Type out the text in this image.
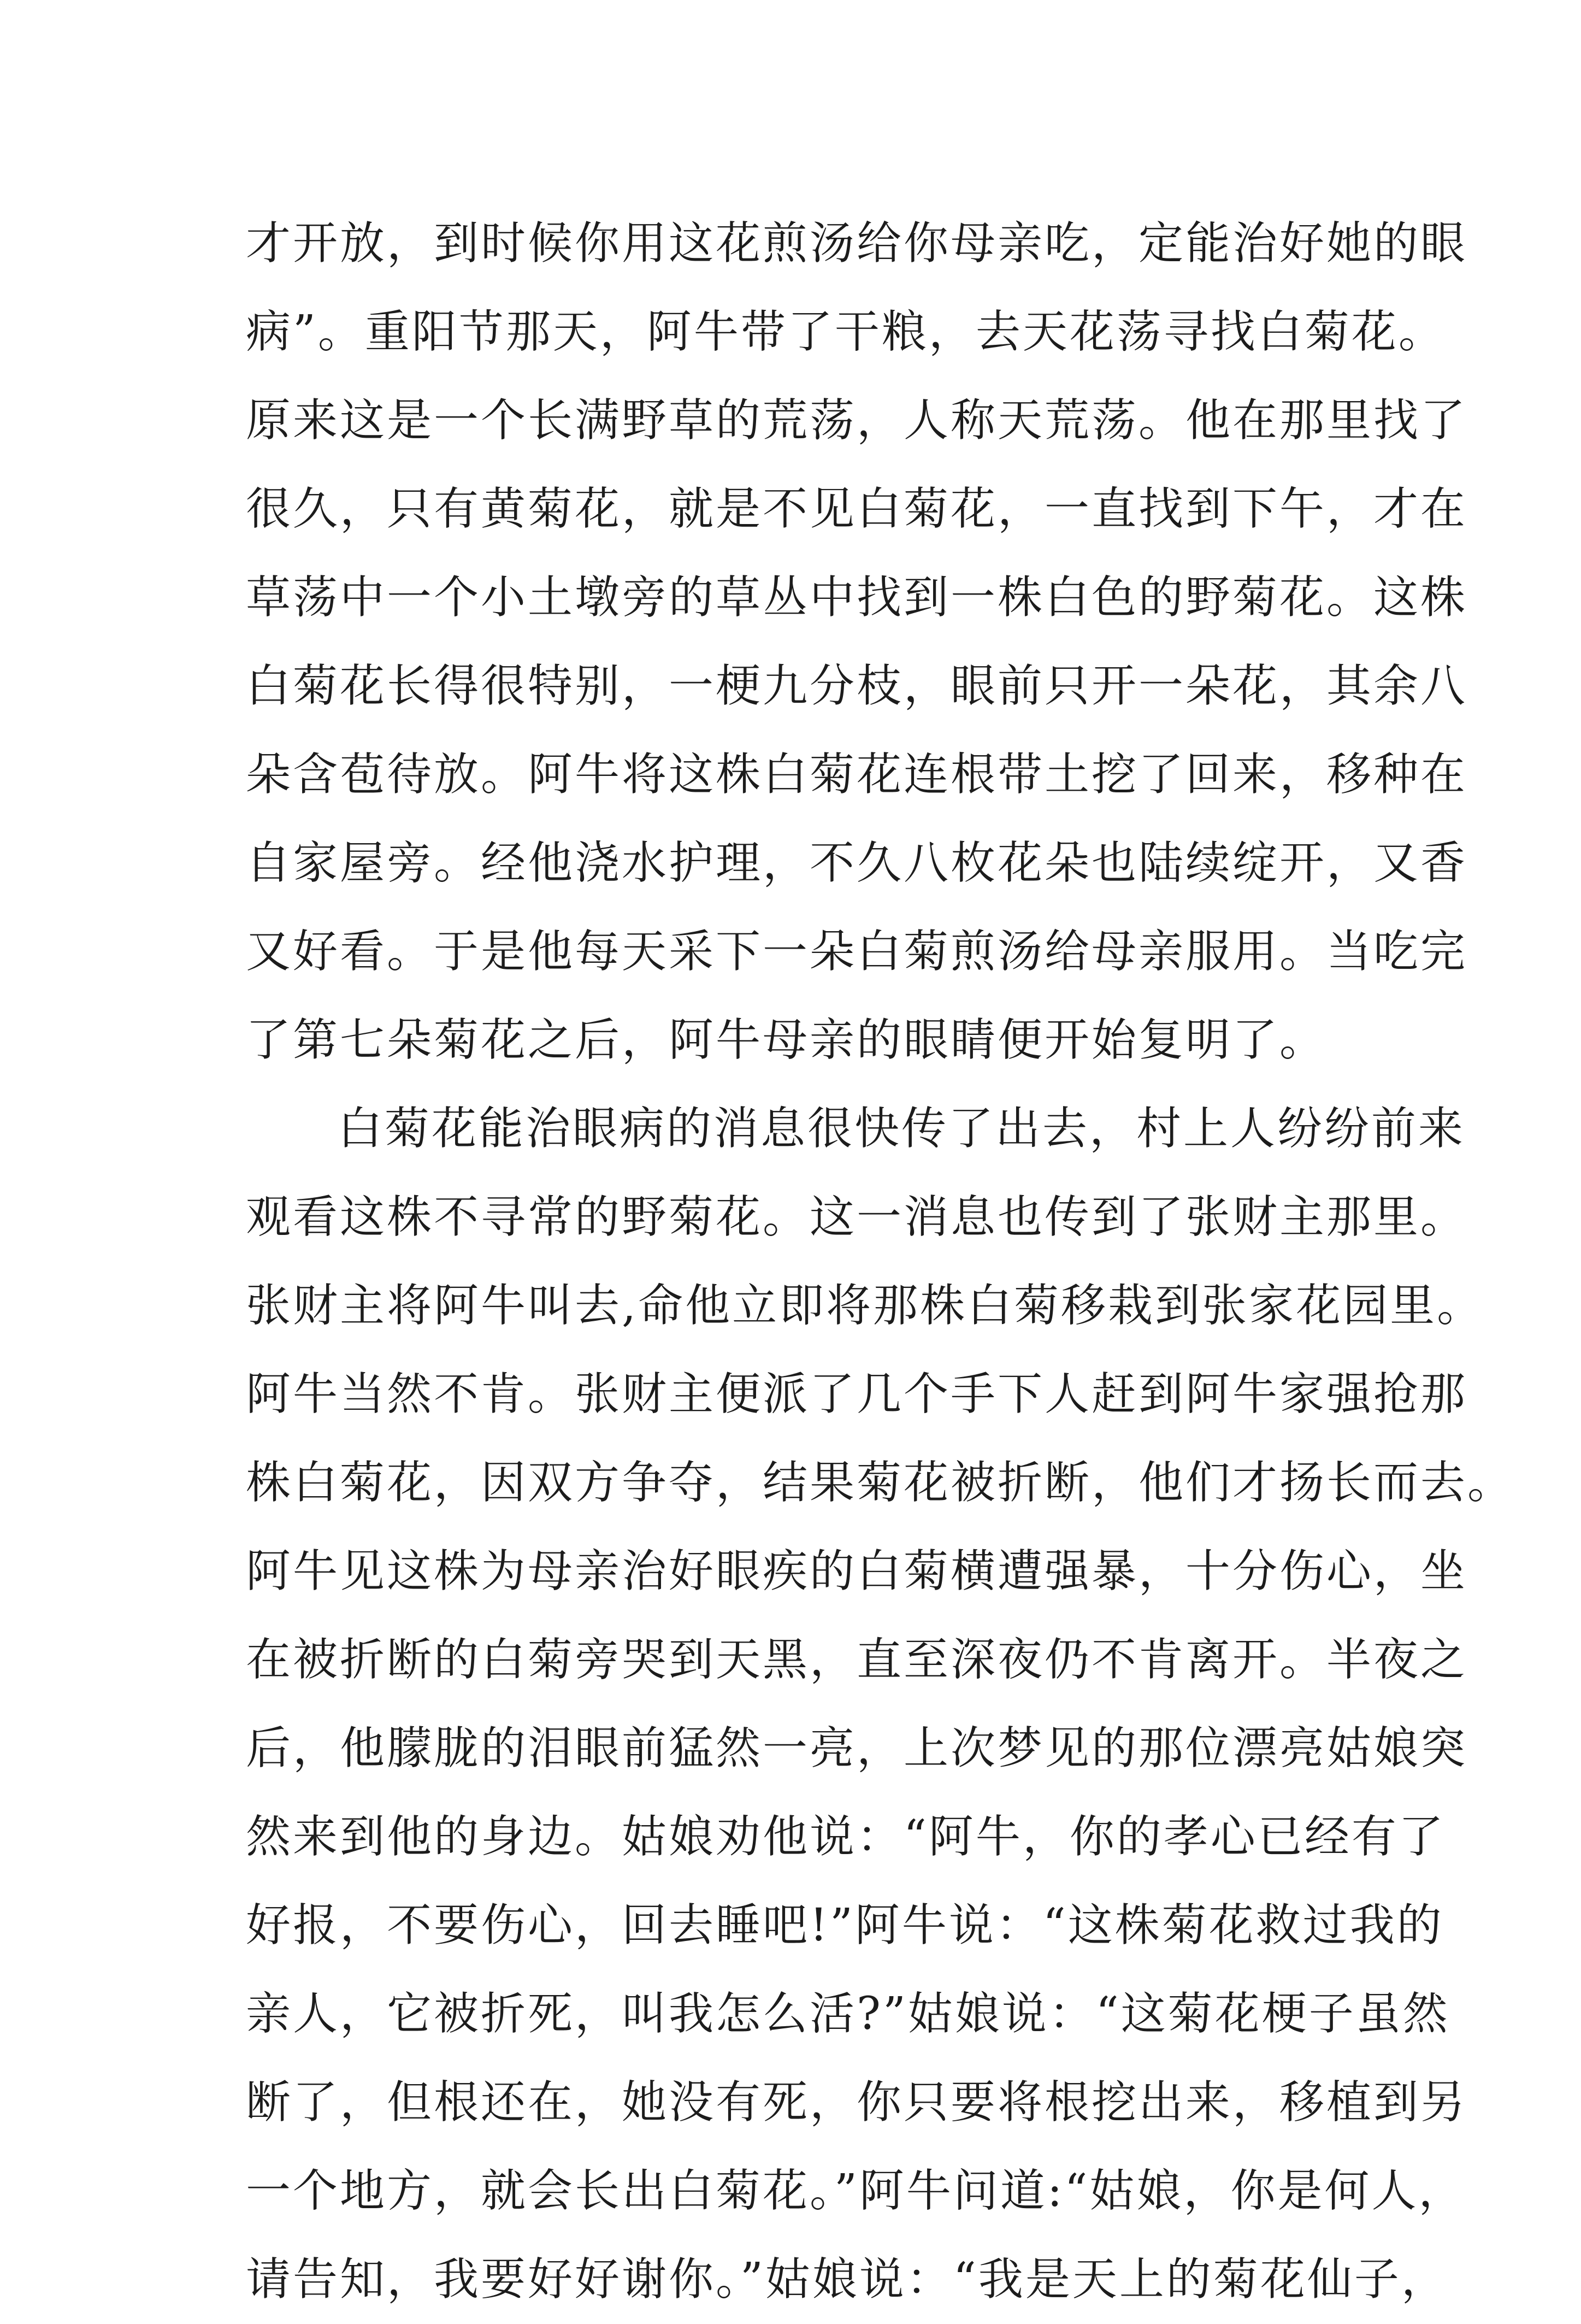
才开放，到时候你用这花煎汤给你母亲吃，定能治好她的眼
病”。重阳节那天，阿牛带了干粮，去天花荡寻找白菊花。
原来这是一个长满野草的荒荡，人称天荒荡。他在那里找了
很久，只有黄菊花，就是不见白菊花，一直找到下午，才在
草荡中一个小土墩旁的草丛中找到一株白色的野菊花。这株
白菊花长得很特别，一梗九分枝，眼前只开一朵花，其余八
朵含苞待放。阿牛将这株白菊花连根带土挖了回来，移种在
自家屋旁。经他浇水护理，不久八枚花朵也陆续绽开，又香
又好看。于是他每天采下一朵白菊煎汤给母亲服用。当吃完
了第七朵菊花之后，阿牛母亲的眼睛便开始复明了。
白菊花能治眼病的消息很快传了出去，村上人纷纷前来
观看这株不寻常的野菊花。这一消息也传到了张财主那里。
张财主将阿牛叫去,命他立即将那株白菊移栽到张家花园里。
阿牛当然不肯。张财主便派了几个手下人赶到阿牛家强抢那
株白菊花，因双方争夺，结果菊花被折断，他们才扬长而去。
阿牛见这株为母亲治好眼疾的白菊横遭强暴，十分伤心，坐
在被折断的白菊旁哭到天黑，直至深夜仍不肯离开。半夜之
后，他朦胧的泪眼前猛然一亮，上次梦见的那位漂亮姑娘突
然来到他的身边。姑娘劝他说：“阿牛，你的孝心已经有了
好报，不要伤心，回去睡吧!”阿牛说：“这株菊花救过我的
亲人，它被折死，叫我怎么活?”姑娘说：“这菊花梗子虽然
断了，但根还在，她没有死，你只要将根挖出来，移植到另
一个地方，就会长出白菊花。”阿牛问道:“姑娘，你是何人，
请告知，我要好好谢你。”姑娘说：“我是天上的菊花仙子，
